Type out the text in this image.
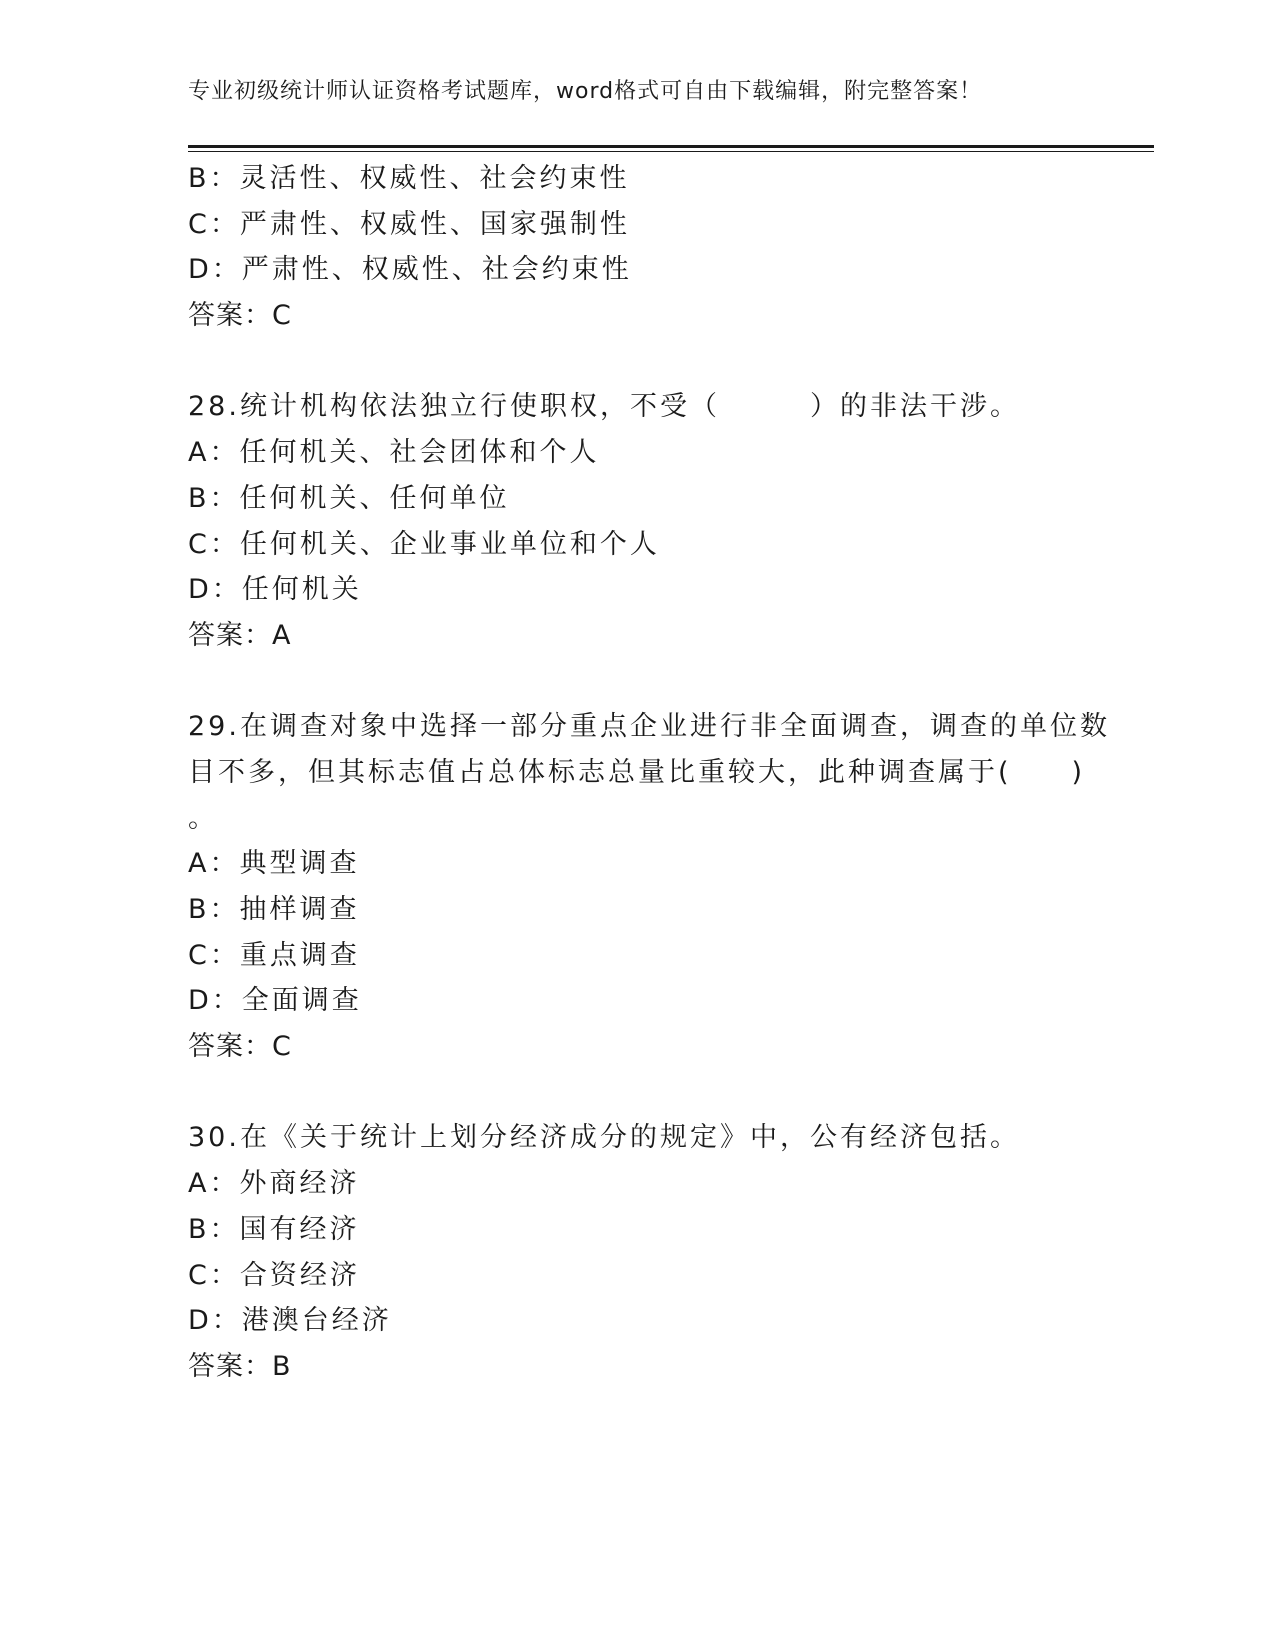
专业初级统计师认证资格考试题库，word格式可自由下载编辑，附完整答案！
B：灵活性、权威性、社会约束性
C：严肃性、权威性、国家强制性
D：严肃性、权威性、社会约束性
答案：C
28.统计机构依法独立行使职权，不受（　　　）的非法干涉。
A：任何机关、社会团体和个人
B：任何机关、任何单位
C：任何机关、企业事业单位和个人
D：任何机关
答案：A
29.在调查对象中选择一部分重点企业进行非全面调查，调查的单位数
目不多，但其标志值占总体标志总量比重较大，此种调查属于(　　)
。
A：典型调查
B：抽样调查
C：重点调查
D：全面调查
答案：C
30.在《关于统计上划分经济成分的规定》中，公有经济包括。
A：外商经济
B：国有经济
C：合资经济
D：港澳台经济
答案：B
